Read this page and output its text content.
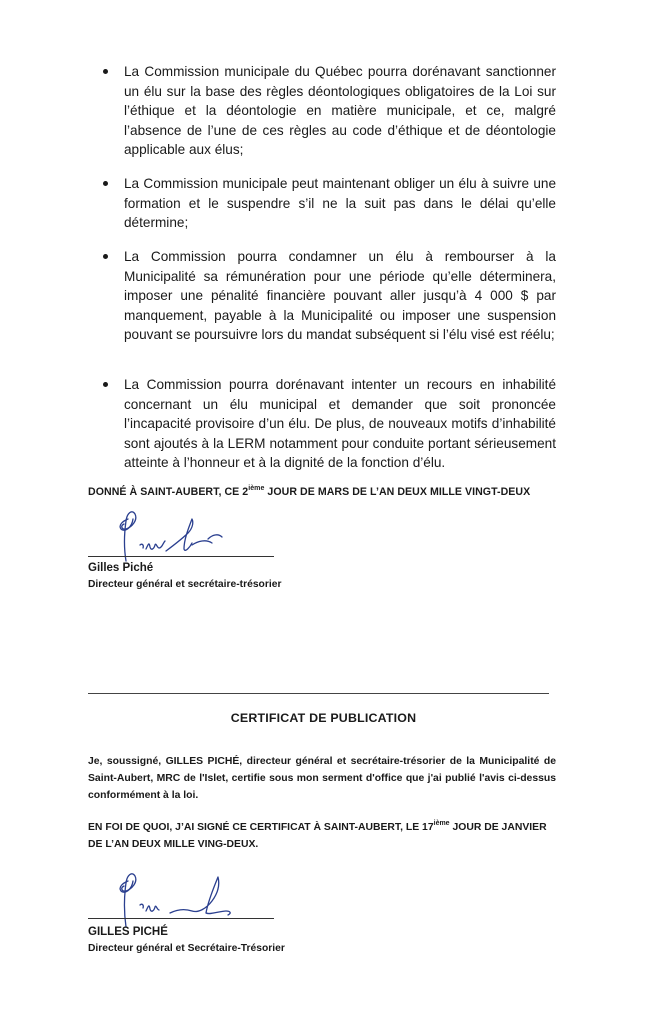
La Commission municipale du Québec pourra dorénavant sanctionner un élu sur la base des règles déontologiques obligatoires de la Loi sur l’éthique et la déontologie en matière municipale, et ce, malgré l’absence de l’une de ces règles au code d’éthique et de déontologie applicable aux élus;
La Commission municipale peut maintenant obliger un élu à suivre une formation et le suspendre s’il ne la suit pas dans le délai qu’elle détermine;
La Commission pourra condamner un élu à rembourser à la Municipalité sa rémunération pour une période qu’elle déterminera, imposer une pénalité financière pouvant aller jusqu’à 4 000 $ par manquement, payable à la Municipalité ou imposer une suspension pouvant se poursuivre lors du mandat subséquent si l’élu visé est réélu;
La Commission pourra dorénavant intenter un recours en inhabilité concernant un élu municipal et demander que soit prononcée l’incapacité provisoire d’un élu. De plus, de nouveaux motifs d’inhabilité sont ajoutés à la LERM notamment pour conduite portant sérieusement atteinte à l’honneur et à la dignité de la fonction d’élu.
DONNÉ À SAINT-AUBERT, CE 2ième JOUR DE MARS DE L’AN DEUX MILLE VINGT-DEUX
Gilles Piché
Directeur général et secrétaire-trésorier
CERTIFICAT DE PUBLICATION
Je, soussigné, GILLES PICHÉ, directeur général et secrétaire-trésorier de la Municipalité de Saint-Aubert, MRC de l'Islet, certifie sous mon serment d'office que j'ai publié l'avis ci-dessus conformément à la loi.
EN FOI DE QUOI, J’AI SIGNÉ CE CERTIFICAT À SAINT-AUBERT, LE 17ième JOUR DE JANVIER DE L’AN DEUX MILLE VING-DEUX.
GILLES PICHÉ
Directeur général et Secrétaire-Trésorier
